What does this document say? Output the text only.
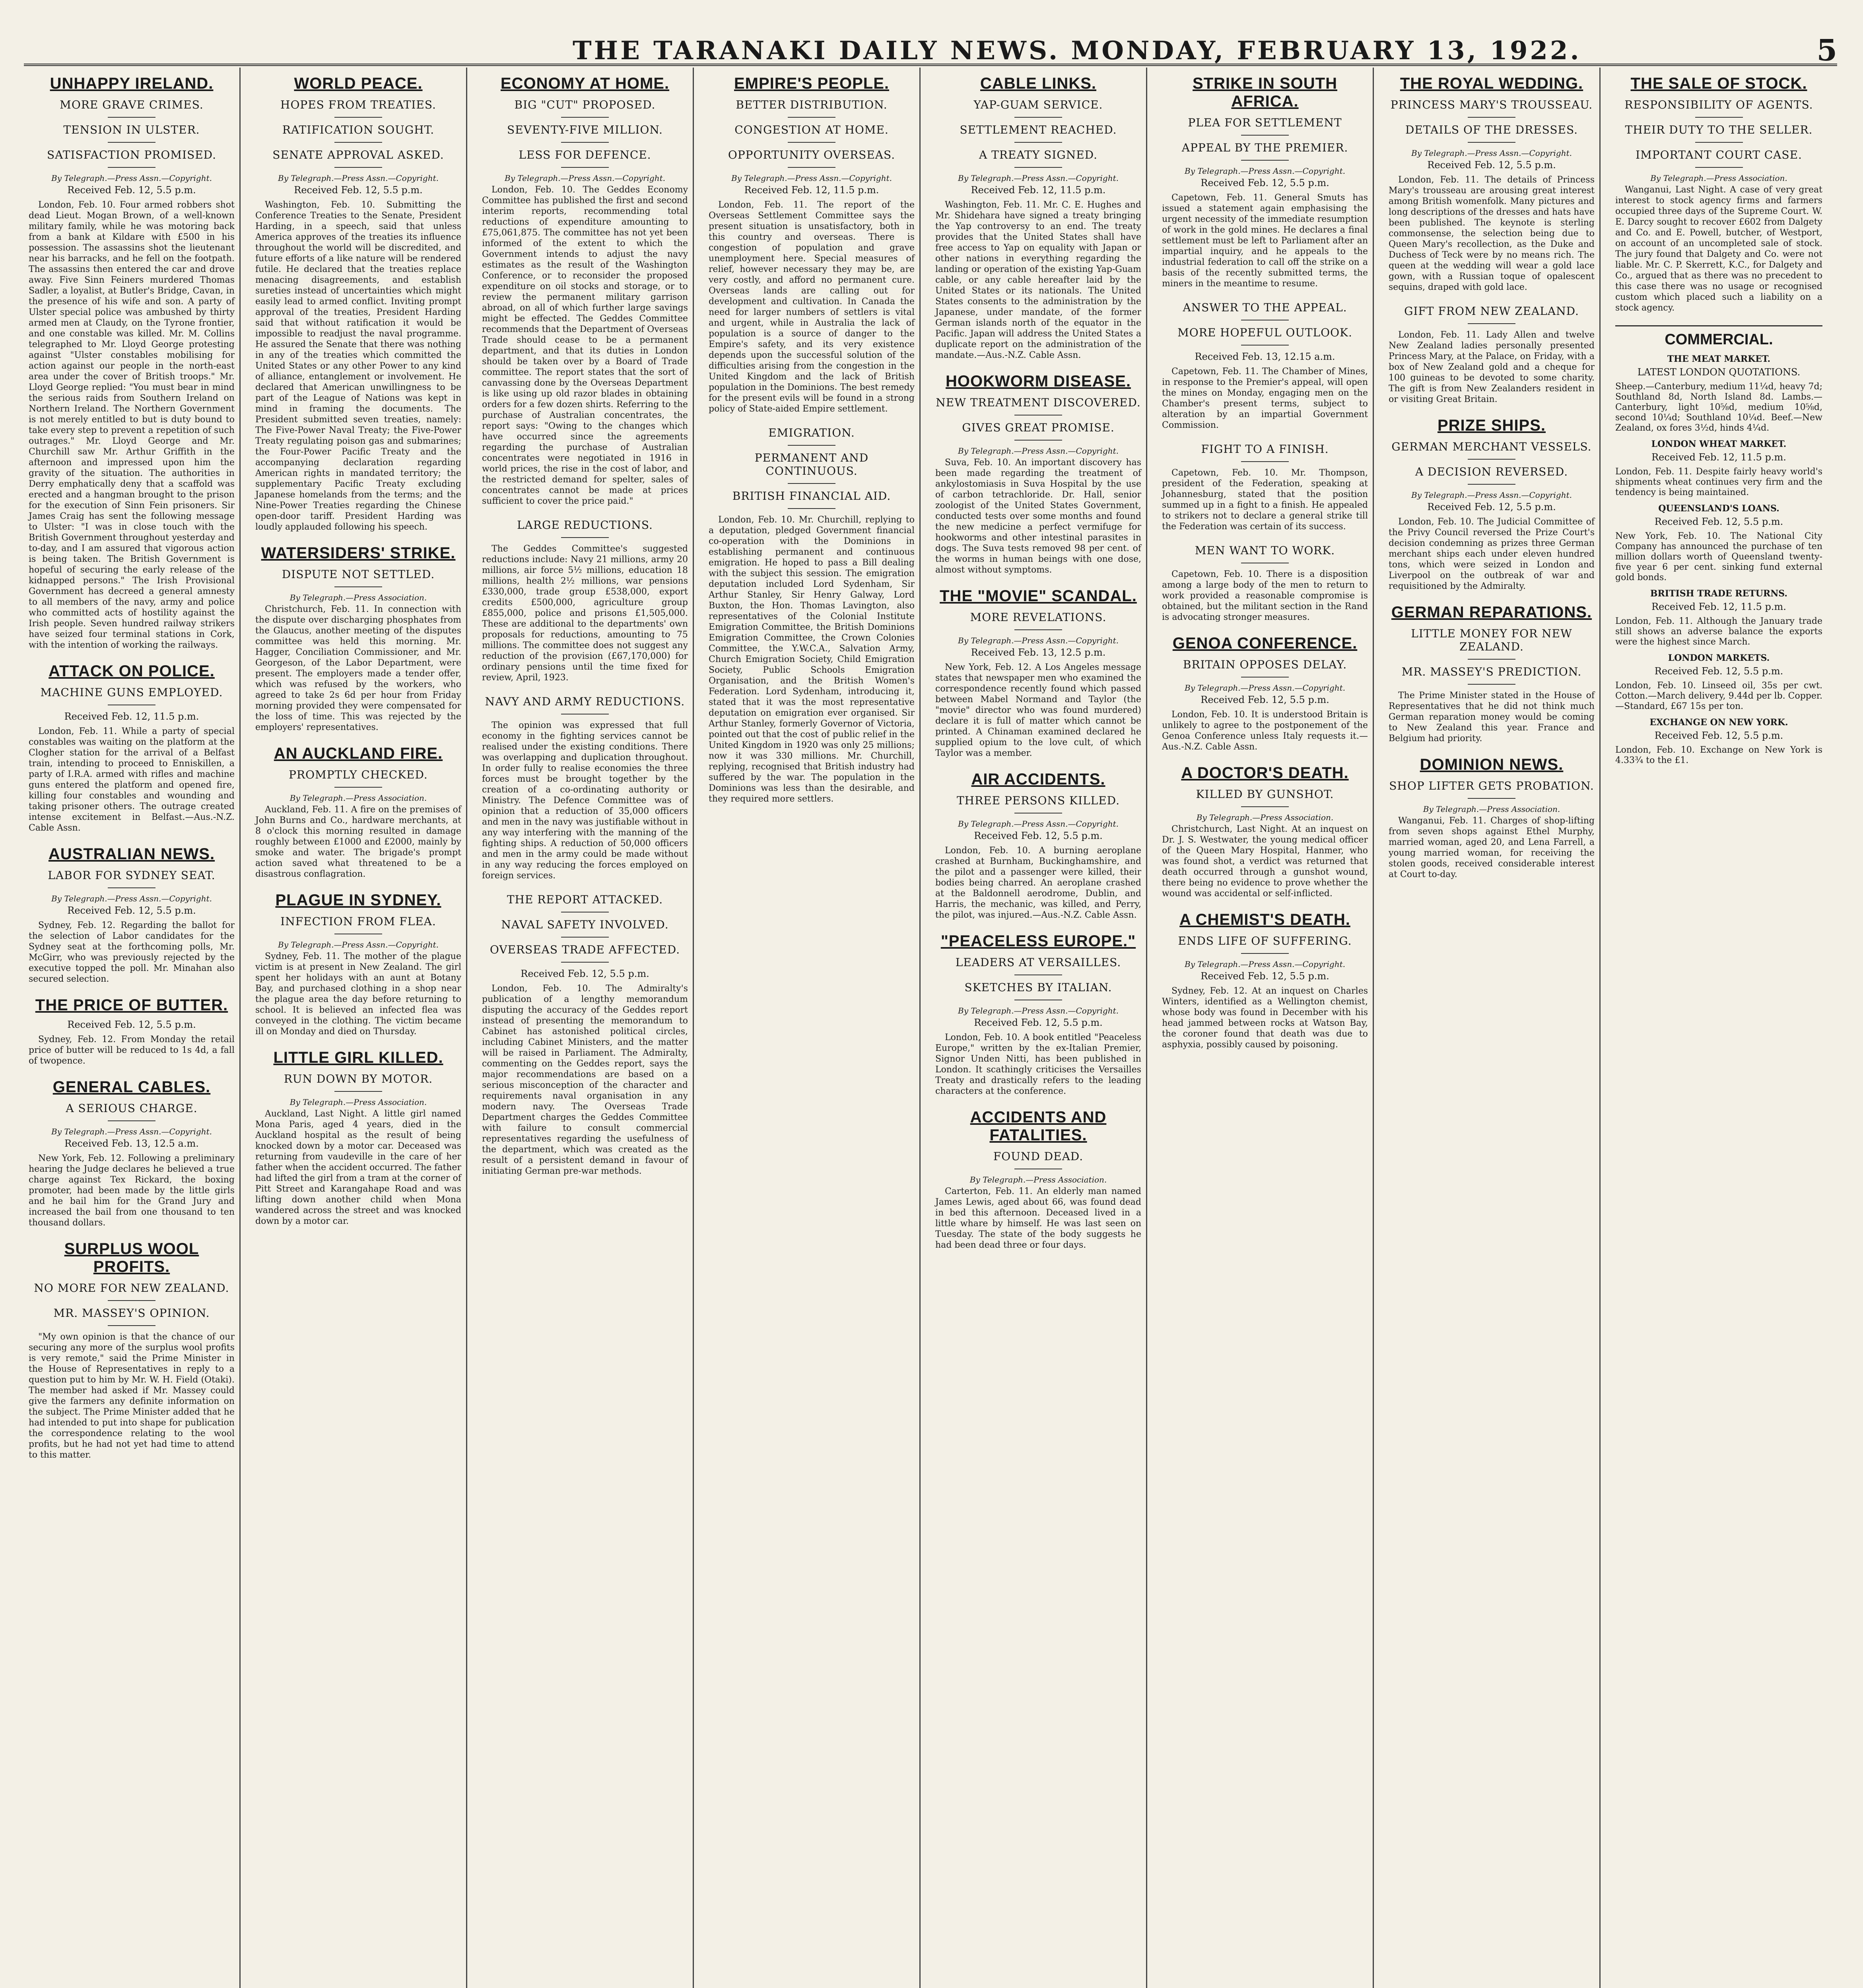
THE TARANAKI DAILY NEWS. MONDAY, FEBRUARY 13, 1922.	5
UNHAPPY IRELAND.
MORE GRAVE CRIMES.
TENSION IN ULSTER.
SATISFACTION PROMISED.
By Telegraph.—Press Assn.—Copyright.
Received Feb. 12, 5.5 p.m.

London, Feb. 10. Four armed robbers shot dead Lieut. Mogan Brown, of a well-known military family, while he was motoring back from a bank at Kildare with £500 in his possession. The assassins shot the lieutenant near his barracks, and he fell on the footpath. The assassins then entered the car and drove away. Five Sinn Feiners murdered Thomas Sadler, a loyalist, at Butler's Bridge, Cavan, in the presence of his wife and son. A party of Ulster special police was ambushed by thirty armed men at Claudy, on the Tyrone frontier, and one constable was killed. Mr. M. Collins telegraphed to Mr. Lloyd George protesting against "Ulster constables mobilising for action against our people in the north-east area under the cover of British troops." Mr. Lloyd George replied: "You must bear in mind the serious raids from Southern Ireland on Northern Ireland. The Northern Government is not merely entitled to but is duty bound to take every step to prevent a repetition of such outrages." Mr. Lloyd George and Mr. Churchill saw Mr. Arthur Griffith in the afternoon and impressed upon him the gravity of the situation. The authorities in Derry emphatically deny that a scaffold was erected and a hangman brought to the prison for the execution of Sinn Fein prisoners. Sir James Craig has sent the following message to Ulster: "I was in close touch with the British Government throughout yesterday and to-day, and I am assured that vigorous action is being taken. The British Government is hopeful of securing the early release of the kidnapped persons." The Irish Provisional Government has decreed a general amnesty to all members of the navy, army and police who committed acts of hostility against the Irish people. Seven hundred railway strikers have seized four terminal stations in Cork, with the intention of working the railways.

ATTACK ON POLICE.
MACHINE GUNS EMPLOYED.
Received Feb. 12, 11.5 p.m.

London, Feb. 11. While a party of special constables was waiting on the platform at the Clogher station for the arrival of a Belfast train, intending to proceed to Enniskillen, a party of I.R.A. armed with rifles and machine guns entered the platform and opened fire, killing four constables and wounding and taking prisoner others. The outrage created intense excitement in Belfast.—Aus.-N.Z. Cable Assn.

AUSTRALIAN NEWS.
LABOR FOR SYDNEY SEAT.
By Telegraph.—Press Assn.—Copyright.
Received Feb. 12, 5.5 p.m.

Sydney, Feb. 12. Regarding the ballot for the selection of Labor candidates for the Sydney seat at the forthcoming polls, Mr. McGirr, who was previously rejected by the executive topped the poll. Mr. Minahan also secured selection.

THE PRICE OF BUTTER.
Received Feb. 12, 5.5 p.m.

Sydney, Feb. 12. From Monday the retail price of butter will be reduced to 1s 4d, a fall of twopence.

GENERAL CABLES.
A SERIOUS CHARGE.
By Telegraph.—Press Assn.—Copyright.
Received Feb. 13, 12.5 a.m.

New York, Feb. 12. Following a preliminary hearing the Judge declares he believed a true charge against Tex Rickard, the boxing promoter, had been made by the little girls and he bail him for the Grand Jury and increased the bail from one thousand to ten thousand dollars.

SURPLUS WOOL PROFITS.
NO MORE FOR NEW ZEALAND.
MR. MASSEY'S OPINION.

"My own opinion is that the chance of our securing any more of the surplus wool profits is very remote," said the Prime Minister in the House of Representatives in reply to a question put to him by Mr. W. H. Field (Otaki). The member had asked if Mr. Massey could give the farmers any definite information on the subject. The Prime Minister added that he had intended to put into shape for publication the correspondence relating to the wool profits, but he had not yet had time to attend to this matter.

WORLD PEACE.
HOPES FROM TREATIES.
RATIFICATION SOUGHT.
SENATE APPROVAL ASKED.
By Telegraph.—Press Assn.—Copyright.
Received Feb. 12, 5.5 p.m.

Washington, Feb. 10. Submitting the Conference Treaties to the Senate, President Harding, in a speech, said that unless America approves of the treaties its influence throughout the world will be discredited, and future efforts of a like nature will be rendered futile. He declared that the treaties replace menacing disagreements, and establish sureties instead of uncertainties which might easily lead to armed conflict. Inviting prompt approval of the treaties, President Harding said that without ratification it would be impossible to readjust the naval programme. He assured the Senate that there was nothing in any of the treaties which committed the United States or any other Power to any kind of alliance, entanglement or involvement. He declared that American unwillingness to be part of the League of Nations was kept in mind in framing the documents. The President submitted seven treaties, namely: The Five-Power Naval Treaty; the Five-Power Treaty regulating poison gas and submarines; the Four-Power Pacific Treaty and the accompanying declaration regarding American rights in mandated territory; the supplementary Pacific Treaty excluding Japanese homelands from the terms; and the Nine-Power Treaties regarding the Chinese open-door tariff. President Harding was loudly applauded following his speech.

WATERSIDERS' STRIKE.
DISPUTE NOT SETTLED.
By Telegraph.—Press Association.

Christchurch, Feb. 11. In connection with the dispute over discharging phosphates from the Glaucus, another meeting of the disputes committee was held this morning. Mr. Hagger, Conciliation Commissioner, and Mr. Georgeson, of the Labor Department, were present. The employers made a tender offer, which was refused by the workers, who agreed to take 2s 6d per hour from Friday morning provided they were compensated for the loss of time. This was rejected by the employers' representatives.

AN AUCKLAND FIRE.
PROMPTLY CHECKED.
By Telegraph.—Press Association.

Auckland, Feb. 11. A fire on the premises of John Burns and Co., hardware merchants, at 8 o'clock this morning resulted in damage roughly between £1000 and £2000, mainly by smoke and water. The brigade's prompt action saved what threatened to be a disastrous conflagration.

PLAGUE IN SYDNEY.
INFECTION FROM FLEA.
By Telegraph.—Press Assn.—Copyright.

Sydney, Feb. 11. The mother of the plague victim is at present in New Zealand. The girl spent her holidays with an aunt at Botany Bay, and purchased clothing in a shop near the plague area the day before returning to school. It is believed an infected flea was conveyed in the clothing. The victim became ill on Monday and died on Thursday.

LITTLE GIRL KILLED.
RUN DOWN BY MOTOR.
By Telegraph.—Press Association.

Auckland, Last Night. A little girl named Mona Paris, aged 4 years, died in the Auckland hospital as the result of being knocked down by a motor car. Deceased was returning from vaudeville in the care of her father when the accident occurred. The father had lifted the girl from a tram at the corner of Pitt Street and Karangahape Road and was lifting down another child when Mona wandered across the street and was knocked down by a motor car.

ECONOMY AT HOME.
BIG "CUT" PROPOSED.
SEVENTY-FIVE MILLION.
LESS FOR DEFENCE.
By Telegraph.—Press Assn.—Copyright.

London, Feb. 10. The Geddes Economy Committee has published the first and second interim reports, recommending total reductions of expenditure amounting to £75,061,875. The committee has not yet been informed of the extent to which the Government intends to adjust the navy estimates as the result of the Washington Conference, or to reconsider the proposed expenditure on oil stocks and storage, or to review the permanent military garrison abroad, on all of which further large savings might be effected. The Geddes Committee recommends that the Department of Overseas Trade should cease to be a permanent department, and that its duties in London should be taken over by a Board of Trade committee. The report states that the sort of canvassing done by the Overseas Department is like using up old razor blades in obtaining orders for a few dozen shirts. Referring to the purchase of Australian concentrates, the report says: "Owing to the changes which have occurred since the agreements regarding the purchase of Australian concentrates were negotiated in 1916 in world prices, the rise in the cost of labor, and the restricted demand for spelter, sales of concentrates cannot be made at prices sufficient to cover the price paid."

LARGE REDUCTIONS.

The Geddes Committee's suggested reductions include: Navy 21 millions, army 20 millions, air force 5½ millions, education 18 millions, health 2½ millions, war pensions £330,000, trade group £538,000, export credits £500,000, agriculture group £855,000, police and prisons £1,505,000. These are additional to the departments' own proposals for reductions, amounting to 75 millions. The committee does not suggest any reduction of the provision (£67,170,000) for ordinary pensions until the time fixed for review, April, 1923.

NAVY AND ARMY REDUCTIONS.

The opinion was expressed that full economy in the fighting services cannot be realised under the existing conditions. There was overlapping and duplication throughout. In order fully to realise economies the three forces must be brought together by the creation of a co-ordinating authority or Ministry. The Defence Committee was of opinion that a reduction of 35,000 officers and men in the navy was justifiable without in any way interfering with the manning of the fighting ships. A reduction of 50,000 officers and men in the army could be made without in any way reducing the forces employed on foreign services.

THE REPORT ATTACKED.
NAVAL SAFETY INVOLVED.
OVERSEAS TRADE AFFECTED.
Received Feb. 12, 5.5 p.m.

London, Feb. 10. The Admiralty's publication of a lengthy memorandum disputing the accuracy of the Geddes report instead of presenting the memorandum to Cabinet has astonished political circles, including Cabinet Ministers, and the matter will be raised in Parliament. The Admiralty, commenting on the Geddes report, says the major recommendations are based on a serious misconception of the character and requirements naval organisation in any modern navy. The Overseas Trade Department charges the Geddes Committee with failure to consult commercial representatives regarding the usefulness of the department, which was created as the result of a persistent demand in favour of initiating German pre-war methods.

EMPIRE'S PEOPLE.
BETTER DISTRIBUTION.
CONGESTION AT HOME.
OPPORTUNITY OVERSEAS.
By Telegraph.—Press Assn.—Copyright.
Received Feb. 12, 11.5 p.m.

London, Feb. 11. The report of the Overseas Settlement Committee says the present situation is unsatisfactory, both in this country and overseas. There is congestion of population and grave unemployment here. Special measures of relief, however necessary they may be, are very costly, and afford no permanent cure. Overseas lands are calling out for development and cultivation. In Canada the need for larger numbers of settlers is vital and urgent, while in Australia the lack of population is a source of danger to the Empire's safety, and its very existence depends upon the successful solution of the difficulties arising from the congestion in the United Kingdom and the lack of British population in the Dominions. The best remedy for the present evils will be found in a strong policy of State-aided Empire settlement.

EMIGRATION.
PERMANENT AND CONTINUOUS.
BRITISH FINANCIAL AID.

London, Feb. 10. Mr. Churchill, replying to a deputation, pledged Government financial co-operation with the Dominions in establishing permanent and continuous emigration. He hoped to pass a Bill dealing with the subject this session. The emigration deputation included Lord Sydenham, Sir Arthur Stanley, Sir Henry Galway, Lord Buxton, the Hon. Thomas Lavington, also representatives of the Colonial Institute Emigration Committee, the British Dominions Emigration Committee, the Crown Colonies Committee, the Y.W.C.A., Salvation Army, Church Emigration Society, Child Emigration Society, Public Schools Emigration Organisation, and the British Women's Federation. Lord Sydenham, introducing it, stated that it was the most representative deputation on emigration ever organised. Sir Arthur Stanley, formerly Governor of Victoria, pointed out that the cost of public relief in the United Kingdom in 1920 was only 25 millions; now it was 330 millions. Mr. Churchill, replying, recognised that British industry had suffered by the war. The population in the Dominions was less than the desirable, and they required more settlers.

CABLE LINKS.
YAP-GUAM SERVICE.
SETTLEMENT REACHED.
A TREATY SIGNED.
By Telegraph.—Press Assn.—Copyright.
Received Feb. 12, 11.5 p.m.

Washington, Feb. 11. Mr. C. E. Hughes and Mr. Shidehara have signed a treaty bringing the Yap controversy to an end. The treaty provides that the United States shall have free access to Yap on equality with Japan or other nations in everything regarding the landing or operation of the existing Yap-Guam cable, or any cable hereafter laid by the United States or its nationals. The United States consents to the administration by the Japanese, under mandate, of the former German islands north of the equator in the Pacific. Japan will address the United States a duplicate report on the administration of the mandate.—Aus.-N.Z. Cable Assn.

HOOKWORM DISEASE.
NEW TREATMENT DISCOVERED.
GIVES GREAT PROMISE.
By Telegraph.—Press Assn.—Copyright.

Suva, Feb. 10. An important discovery has been made regarding the treatment of ankylostomiasis in Suva Hospital by the use of carbon tetrachloride. Dr. Hall, senior zoologist of the United States Government, conducted tests over some months and found the new medicine a perfect vermifuge for hookworms and other intestinal parasites in dogs. The Suva tests removed 98 per cent. of the worms in human beings with one dose, almost without symptoms.

THE "MOVIE" SCANDAL.
MORE REVELATIONS.
By Telegraph.—Press Assn.—Copyright.
Received Feb. 13, 12.5 p.m.

New York, Feb. 12. A Los Angeles message states that newspaper men who examined the correspondence recently found which passed between Mabel Normand and Taylor (the "movie" director who was found murdered) declare it is full of matter which cannot be printed. A Chinaman examined declared he supplied opium to the love cult, of which Taylor was a member.

AIR ACCIDENTS.
THREE PERSONS KILLED.
By Telegraph.—Press Assn.—Copyright.
Received Feb. 12, 5.5 p.m.

London, Feb. 10. A burning aeroplane crashed at Burnham, Buckinghamshire, and the pilot and a passenger were killed, their bodies being charred. An aeroplane crashed at the Baldonnell aerodrome, Dublin, and Harris, the mechanic, was killed, and Perry, the pilot, was injured.—Aus.-N.Z. Cable Assn.

"PEACELESS EUROPE."
LEADERS AT VERSAILLES.
SKETCHES BY ITALIAN.
By Telegraph.—Press Assn.—Copyright.
Received Feb. 12, 5.5 p.m.

London, Feb. 10. A book entitled "Peaceless Europe," written by the ex-Italian Premier, Signor Unden Nitti, has been published in London. It scathingly criticises the Versailles Treaty and drastically refers to the leading characters at the conference.

ACCIDENTS AND FATALITIES.
FOUND DEAD.
By Telegraph.—Press Association.

Carterton, Feb. 11. An elderly man named James Lewis, aged about 66, was found dead in bed this afternoon. Deceased lived in a little whare by himself. He was last seen on Tuesday. The state of the body suggests he had been dead three or four days.

STRIKE IN SOUTH AFRICA.
PLEA FOR SETTLEMENT
APPEAL BY THE PREMIER.
By Telegraph.—Press Assn.—Copyright.
Received Feb. 12, 5.5 p.m.

Capetown, Feb. 11. General Smuts has issued a statement again emphasising the urgent necessity of the immediate resumption of work in the gold mines. He declares a final settlement must be left to Parliament after an impartial inquiry, and he appeals to the industrial federation to call off the strike on a basis of the recently submitted terms, the miners in the meantime to resume.

ANSWER TO THE APPEAL.
MORE HOPEFUL OUTLOOK.
Received Feb. 13, 12.15 a.m.

Capetown, Feb. 11. The Chamber of Mines, in response to the Premier's appeal, will open the mines on Monday, engaging men on the Chamber's present terms, subject to alteration by an impartial Government Commission.

FIGHT TO A FINISH.

Capetown, Feb. 10. Mr. Thompson, president of the Federation, speaking at Johannesburg, stated that the position summed up in a fight to a finish. He appealed to strikers not to declare a general strike till the Federation was certain of its success.

MEN WANT TO WORK.

Capetown, Feb. 10. There is a disposition among a large body of the men to return to work provided a reasonable compromise is obtained, but the militant section in the Rand is advocating stronger measures.

GENOA CONFERENCE.
BRITAIN OPPOSES DELAY.
By Telegraph.—Press Assn.—Copyright.
Received Feb. 12, 5.5 p.m.

London, Feb. 10. It is understood Britain is unlikely to agree to the postponement of the Genoa Conference unless Italy requests it.—Aus.-N.Z. Cable Assn.

A DOCTOR'S DEATH.
KILLED BY GUNSHOT.
By Telegraph.—Press Association.

Christchurch, Last Night. At an inquest on Dr. J. S. Westwater, the young medical officer of the Queen Mary Hospital, Hanmer, who was found shot, a verdict was returned that death occurred through a gunshot wound, there being no evidence to prove whether the wound was accidental or self-inflicted.

A CHEMIST'S DEATH.
ENDS LIFE OF SUFFERING.
By Telegraph.—Press Assn.—Copyright.
Received Feb. 12, 5.5 p.m.

Sydney, Feb. 12. At an inquest on Charles Winters, identified as a Wellington chemist, whose body was found in December with his head jammed between rocks at Watson Bay, the coroner found that death was due to asphyxia, possibly caused by poisoning.

THE ROYAL WEDDING.
PRINCESS MARY'S TROUSSEAU.
DETAILS OF THE DRESSES.
By Telegraph.—Press Assn.—Copyright.
Received Feb. 12, 5.5 p.m.

London, Feb. 11. The details of Princess Mary's trousseau are arousing great interest among British womenfolk. Many pictures and long descriptions of the dresses and hats have been published. The keynote is sterling commonsense, the selection being due to Queen Mary's recollection, as the Duke and Duchess of Teck were by no means rich. The queen at the wedding will wear a gold lace gown, with a Russian toque of opalescent sequins, draped with gold lace.

GIFT FROM NEW ZEALAND.

London, Feb. 11. Lady Allen and twelve New Zealand ladies personally presented Princess Mary, at the Palace, on Friday, with a box of New Zealand gold and a cheque for 100 guineas to be devoted to some charity. The gift is from New Zealanders resident in or visiting Great Britain.

PRIZE SHIPS.
GERMAN MERCHANT VESSELS.
A DECISION REVERSED.
By Telegraph.—Press Assn.—Copyright.
Received Feb. 12, 5.5 p.m.

London, Feb. 10. The Judicial Committee of the Privy Council reversed the Prize Court's decision condemning as prizes three German merchant ships each under eleven hundred tons, which were seized in London and Liverpool on the outbreak of war and requisitioned by the Admiralty.

GERMAN REPARATIONS.
LITTLE MONEY FOR NEW ZEALAND.
MR. MASSEY'S PREDICTION.

The Prime Minister stated in the House of Representatives that he did not think much German reparation money would be coming to New Zealand this year. France and Belgium had priority.

DOMINION NEWS.
SHOP LIFTER GETS PROBATION.
By Telegraph.—Press Association.

Wanganui, Feb. 11. Charges of shop-lifting from seven shops against Ethel Murphy, married woman, aged 20, and Lena Farrell, a young married woman, for receiving the stolen goods, received considerable interest at Court to-day.

THE SALE OF STOCK.
RESPONSIBILITY OF AGENTS.
THEIR DUTY TO THE SELLER.
IMPORTANT COURT CASE.
By Telegraph.—Press Association.

Wanganui, Last Night. A case of very great interest to stock agency firms and farmers occupied three days of the Supreme Court. W. E. Darcy sought to recover £602 from Dalgety and Co. and E. Powell, butcher, of Westport, on account of an uncompleted sale of stock. The jury found that Dalgety and Co. were not liable. Mr. C. P. Skerrett, K.C., for Dalgety and Co., argued that as there was no precedent to this case there was no usage or recognised custom which placed such a liability on a stock agency.

COMMERCIAL.
THE MEAT MARKET.
LATEST LONDON QUOTATIONS.

Sheep.—Canterbury, medium 11¼d, heavy 7d; Southland 8d, North Island 8d. Lambs.—Canterbury, light 10⅝d, medium 10⅝d, second 10¼d; Southland 10¼d. Beef.—New Zealand, ox fores 3½d, hinds 4¼d.

LONDON WHEAT MARKET.
Received Feb. 12, 11.5 p.m.

London, Feb. 11. Despite fairly heavy world's shipments wheat continues very firm and the tendency is being maintained.

QUEENSLAND'S LOANS.
Received Feb. 12, 5.5 p.m.

New York, Feb. 10. The National City Company has announced the purchase of ten million dollars worth of Queensland twenty-five year 6 per cent. sinking fund external gold bonds.

BRITISH TRADE RETURNS.
Received Feb. 12, 11.5 p.m.

London, Feb. 11. Although the January trade still shows an adverse balance the exports were the highest since March.

LONDON MARKETS.
Received Feb. 12, 5.5 p.m.

London, Feb. 10. Linseed oil, 35s per cwt. Cotton.—March delivery, 9.44d per lb. Copper.—Standard, £67 15s per ton.

EXCHANGE ON NEW YORK.
Received Feb. 12, 5.5 p.m.

London, Feb. 10. Exchange on New York is 4.33¾ to the £1.
